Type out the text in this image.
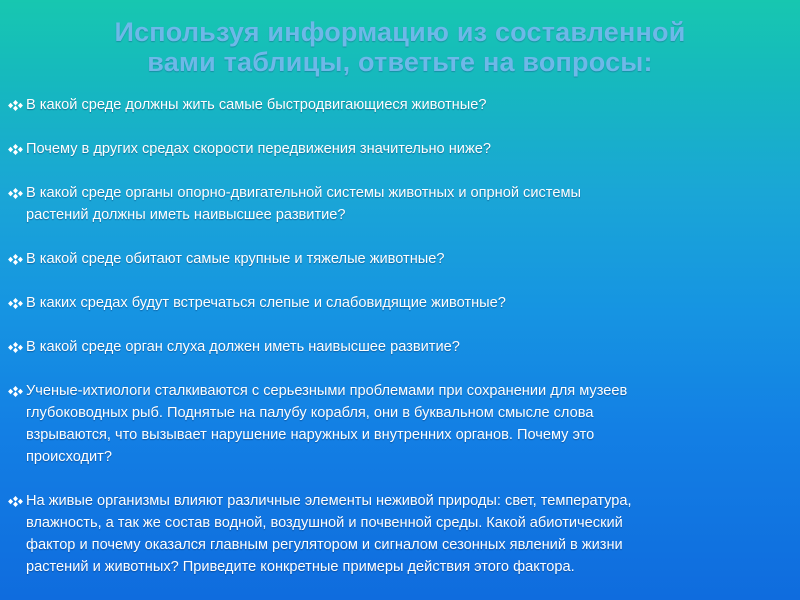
Используя информацию из составленной
вами таблицы, ответьте на вопросы:
В какой среде должны жить самые быстродвигающиеся животные?
Почему в других средах скорости передвижения значительно ниже?
В какой среде органы опорно-двигательной системы животных и опрной системы
растений должны иметь наивысшее развитие?
В какой среде обитают самые крупные и тяжелые животные?
В каких средах будут встречаться слепые и слабовидящие животные?
В какой среде орган слуха должен иметь наивысшее развитие?
Ученые-ихтиологи сталкиваются с серьезными проблемами при сохранении для музеев
глубоководных рыб. Поднятые на палубу корабля, они в буквальном смысле слова
взрываются, что вызывает нарушение наружных и внутренних органов. Почему это
происходит?
На живые организмы влияют различные элементы неживой природы: свет, температура,
влажность, а так же состав водной, воздушной и почвенной среды. Какой абиотический
фактор и почему оказался главным регулятором и сигналом сезонных явлений в жизни
растений и животных? Приведите конкретные примеры действия этого фактора.
